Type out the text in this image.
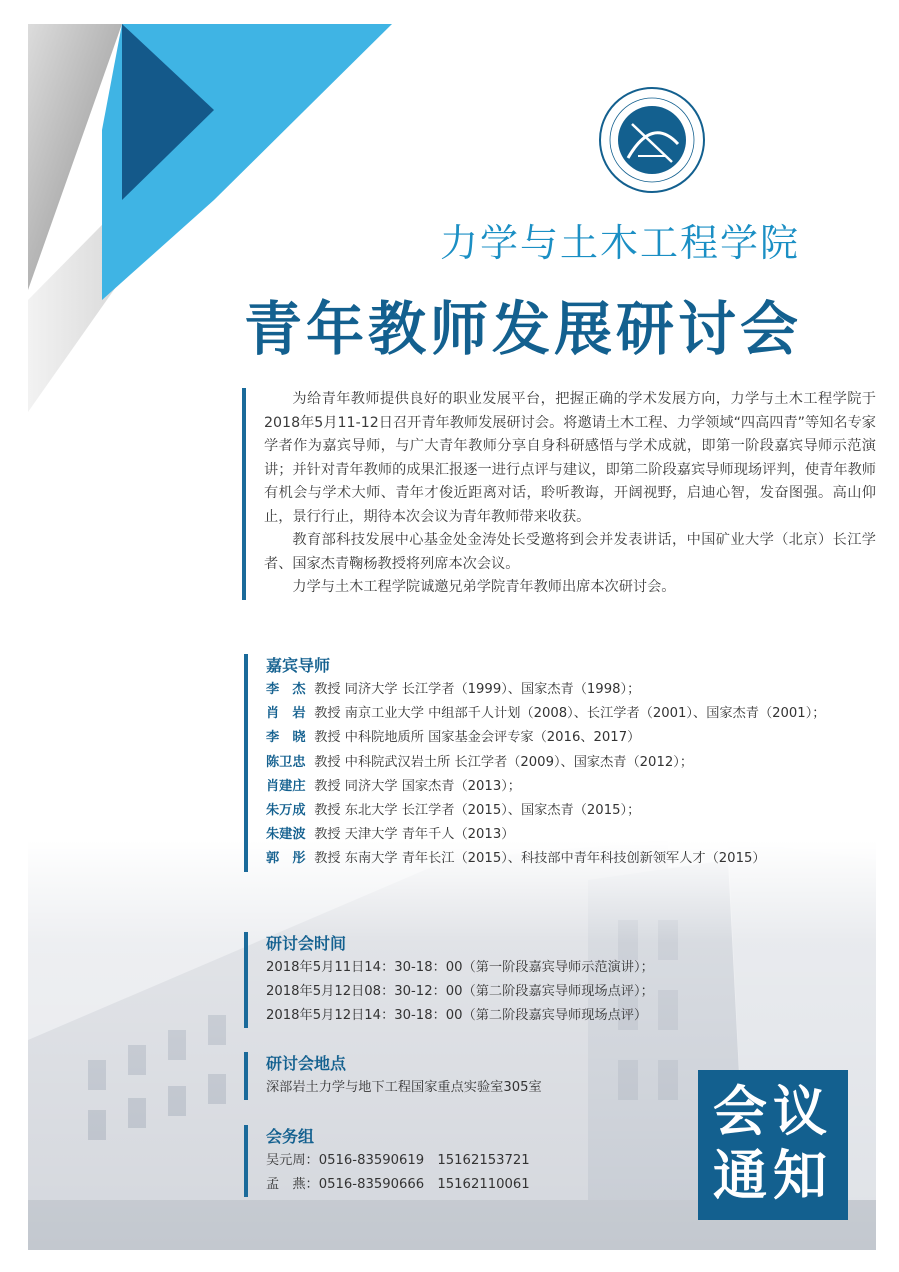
力学与土木工程学院
青年教师发展研讨会

为给青年教师提供良好的职业发展平台，把握正确的学术发展方向，力学与土木工程学院于2018年5月11-12日召开青年教师发展研讨会。将邀请土木工程、力学领域“四高四青”等知名专家学者作为嘉宾导师，与广大青年教师分享自身科研感悟与学术成就，即第一阶段嘉宾导师示范演讲；并针对青年教师的成果汇报逐一进行点评与建议，即第二阶段嘉宾导师现场评判，使青年教师有机会与学术大师、青年才俊近距离对话，聆听教诲，开阔视野，启迪心智，发奋图强。高山仰止，景行行止，期待本次会议为青年教师带来收获。

教育部科技发展中心基金处金涛处长受邀将到会并发表讲话，中国矿业大学（北京）长江学者、国家杰青鞠杨教授将列席本次会议。

力学与土木工程学院诚邀兄弟学院青年教师出席本次研讨会。

嘉宾导师
李　杰 教授 同济大学 长江学者（1999）、国家杰青（1998）；
肖　岩 教授 南京工业大学 中组部千人计划（2008）、长江学者（2001）、国家杰青（2001）；
李　晓 教授 中科院地质所 国家基金会评专家（2016、2017）
陈卫忠 教授 中科院武汉岩土所 长江学者（2009）、国家杰青（2012）；
肖建庄 教授 同济大学 国家杰青（2013）；
朱万成 教授 东北大学 长江学者（2015）、国家杰青（2015）；
朱建波 教授 天津大学 青年千人（2013）
郭　彤 教授 东南大学 青年长江（2015）、科技部中青年科技创新领军人才（2015）
研讨会时间
2018年5月11日14：30-18：00（第一阶段嘉宾导师示范演讲）；
2018年5月12日08：30-12：00（第二阶段嘉宾导师现场点评）；
2018年5月12日14：30-18：00（第二阶段嘉宾导师现场点评）
研讨会地点
深部岩土力学与地下工程国家重点实验室305室
会务组
吴元周：0516-83590619　15162153721
孟　燕：0516-83590666　15162110061
会议
通知
